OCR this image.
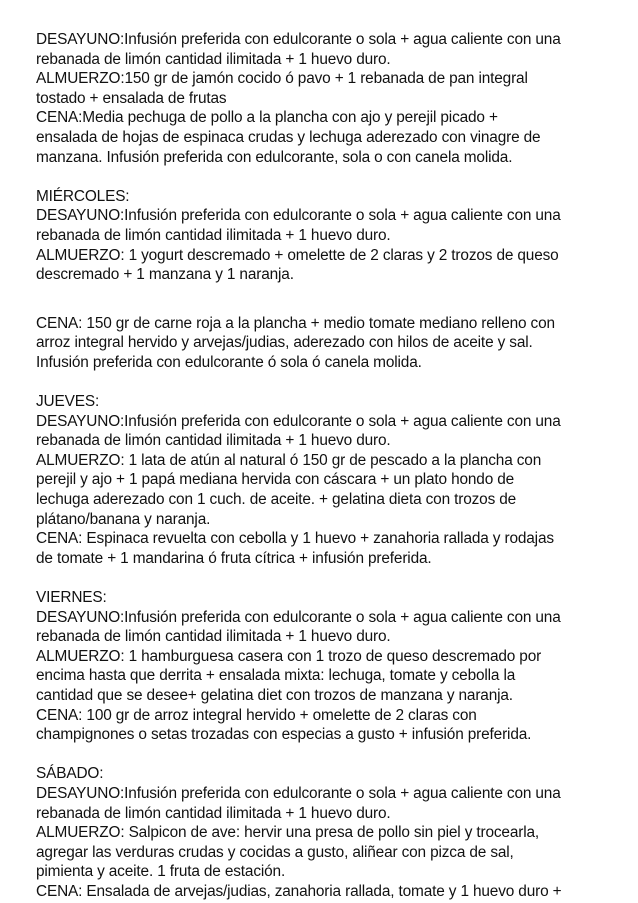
DESAYUNO:Infusión preferida con edulcorante o sola + agua caliente con una
rebanada de limón cantidad ilimitada + 1 huevo duro.
ALMUERZO:150 gr de jamón cocido ó pavo + 1 rebanada de pan integral
tostado + ensalada de frutas
CENA:Media pechuga de pollo a la plancha con ajo y perejil picado +
ensalada de hojas de espinaca crudas y lechuga aderezado con vinagre de
manzana. Infusión preferida con edulcorante, sola o con canela molida.
MIÉRCOLES:
DESAYUNO:Infusión preferida con edulcorante o sola + agua caliente con una
rebanada de limón cantidad ilimitada + 1 huevo duro.
ALMUERZO: 1 yogurt descremado + omelette de 2 claras y 2 trozos de queso
descremado + 1 manzana y 1 naranja.
CENA: 150 gr de carne roja a la plancha + medio tomate mediano relleno con
arroz integral hervido y arvejas/judias, aderezado con hilos de aceite y sal.
Infusión preferida con edulcorante ó sola ó canela molida.
JUEVES:
DESAYUNO:Infusión preferida con edulcorante o sola + agua caliente con una
rebanada de limón cantidad ilimitada + 1 huevo duro.
ALMUERZO: 1 lata de atún al natural ó 150 gr de pescado a la plancha con
perejil y ajo + 1 papá mediana hervida con cáscara + un plato hondo de
lechuga aderezado con 1 cuch. de aceite. + gelatina dieta con trozos de
plátano/banana y naranja.
CENA: Espinaca revuelta con cebolla y 1 huevo + zanahoria rallada y rodajas
de tomate + 1 mandarina ó fruta cítrica + infusión preferida.
VIERNES:
DESAYUNO:Infusión preferida con edulcorante o sola + agua caliente con una
rebanada de limón cantidad ilimitada + 1 huevo duro.
ALMUERZO: 1 hamburguesa casera con 1 trozo de queso descremado por
encima hasta que derrita + ensalada mixta: lechuga, tomate y cebolla la
cantidad que se desee+ gelatina diet con trozos de manzana y naranja.
CENA: 100 gr de arroz integral hervido + omelette de 2 claras con
champignones o setas trozadas con especias a gusto + infusión preferida.
SÁBADO:
DESAYUNO:Infusión preferida con edulcorante o sola + agua caliente con una
rebanada de limón cantidad ilimitada + 1 huevo duro.
ALMUERZO: Salpicon de ave: hervir una presa de pollo sin piel y trocearla,
agregar las verduras crudas y cocidas a gusto, aliñear con pizca de sal,
pimienta y aceite. 1 fruta de estación.
CENA: Ensalada de arvejas/judias, zanahoria rallada, tomate y 1 huevo duro +
